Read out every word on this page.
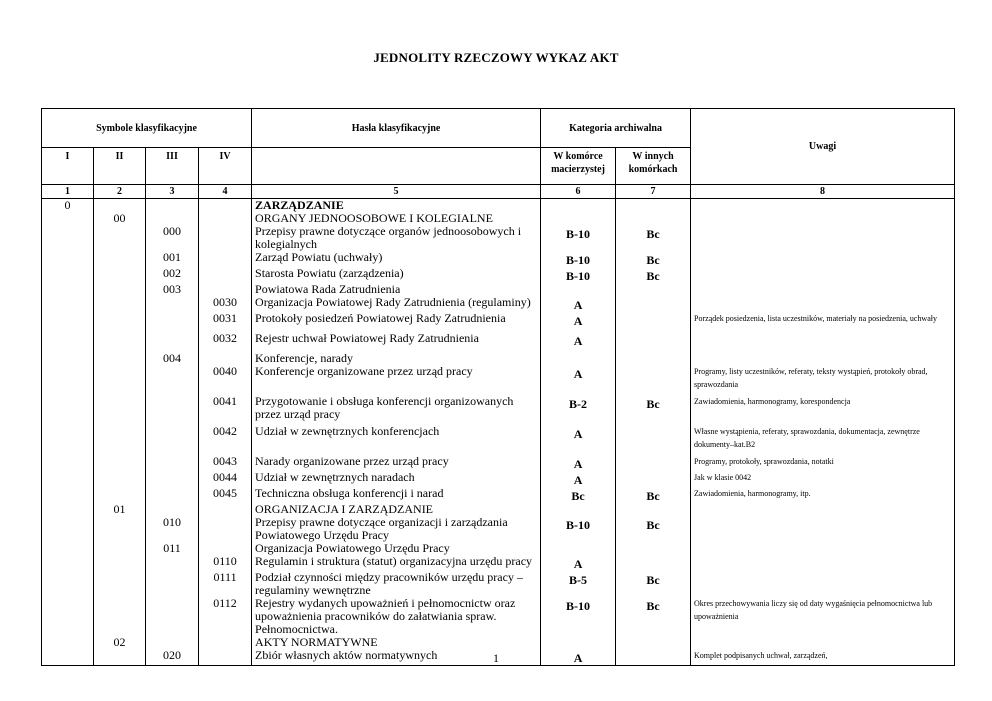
JEDNOLITY RZECZOWY WYKAZ AKT
Symbole klasyfikacyjne				Hasła klasyfikacyjne	Kategoria archiwalna		Uwagi
I	II	III	IV		W komórce macierzystej	W innych komórkach	
1	2	3	4	5	6	7	8
0				ZARZĄDZANIE			
	00			ORGANY JEDNOOSOBOWE I KOLEGIALNE			
		000		Przepisy prawne dotyczące organów jednoosobowych i kolegialnych	B-10	Bc	
		001		Zarząd Powiatu (uchwały)	B-10	Bc	
		002		Starosta Powiatu (zarządzenia)	B-10	Bc	
		003		Powiatowa Rada Zatrudnienia			
			0030	Organizacja Powiatowej Rady Zatrudnienia (regulaminy)	A		
			0031	Protokoły posiedzeń Powiatowej Rady Zatrudnienia	A		Porządek posiedzenia, lista uczestników, materiały na posiedzenia, uchwały
			0032	Rejestr uchwał Powiatowej Rady Zatrudnienia	A		
		004		Konferencje, narady			
			0040	Konferencje organizowane przez urząd pracy	A		Programy, listy uczestników, referaty, teksty wystąpień, protokoły obrad, sprawozdania
			0041	Przygotowanie i obsługa konferencji organizowanych przez urząd pracy	B-2	Bc	Zawiadomienia, harmonogramy, korespondencja
			0042	Udział w zewnętrznych konferencjach	A		Własne wystąpienia, referaty, sprawozdania, dokumentacja, zewnętrze dokumenty–kat.B2
			0043	Narady organizowane przez urząd pracy	A		Programy, protokoły, sprawozdania, notatki
			0044	Udział w zewnętrznych naradach	A		Jak w klasie 0042
			0045	Techniczna obsługa konferencji i narad	Bc	Bc	Zawiadomienia, harmonogramy, itp.
	01			ORGANIZACJA I ZARZĄDZANIE			
		010		Przepisy prawne dotyczące organizacji i zarządzania Powiatowego Urzędu Pracy	B-10	Bc	
		011		Organizacja Powiatowego Urzędu Pracy			
			0110	Regulamin i struktura (statut) organizacyjna urzędu pracy	A		
			0111	Podział czynności między pracowników urzędu pracy – regulaminy wewnętrzne	B-5	Bc	
			0112	Rejestry wydanych upoważnień i pełnomocnictw oraz upoważnienia pracowników do załatwiania spraw. Pełnomocnictwa.	B-10	Bc	Okres przechowywania liczy się od daty wygaśnięcia pełnomocnictwa lub upoważnienia
	02			AKTY NORMATYWNE			
		020		Zbiór własnych aktów normatywnych	A		Komplet podpisanych uchwał, zarządzeń,
1
